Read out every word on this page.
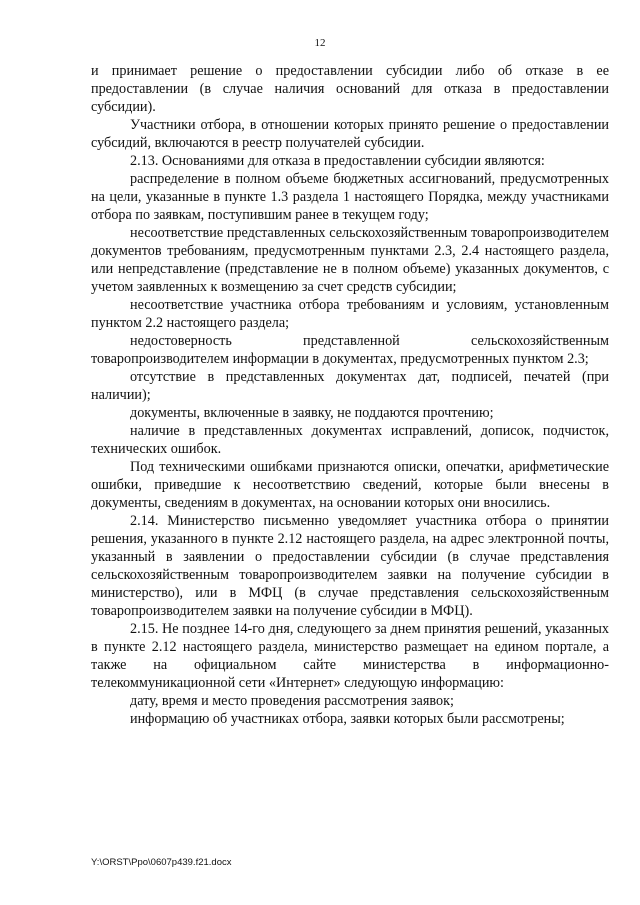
12

и принимает решение о предоставлении субсидии либо об отказе в ее предоставлении (в случае наличия оснований для отказа в предоставлении субсидии).

Участники отбора, в отношении которых принято решение о предоставлении субсидий, включаются в реестр получателей субсидии.

2.13. Основаниями для отказа в предоставлении субсидии являются:

распределение в полном объеме бюджетных ассигнований, предусмотренных на цели, указанные в пункте 1.3 раздела 1 настоящего Порядка, между участниками отбора по заявкам, поступившим ранее в текущем году;

несоответствие представленных сельскохозяйственным товаропроизводителем документов требованиям, предусмотренным пунктами 2.3, 2.4 настоящего раздела, или непредставление (представление не в полном объеме) указанных документов, с учетом заявленных к возмещению за счет средств субсидии;

несоответствие участника отбора требованиям и условиям, установленным пунктом 2.2 настоящего раздела;

недостоверность представленной сельскохозяйственным товаропроизводителем информации в документах, предусмотренных пунктом 2.3;

отсутствие в представленных документах дат, подписей, печатей (при наличии);

документы, включенные в заявку, не поддаются прочтению;

наличие в представленных документах исправлений, дописок, подчисток, технических ошибок.

Под техническими ошибками признаются описки, опечатки, арифметические ошибки, приведшие к несоответствию сведений, которые были внесены в документы, сведениям в документах, на основании которых они вносились.

2.14. Министерство письменно уведомляет участника отбора о принятии решения, указанного в пункте 2.12 настоящего раздела, на адрес электронной почты, указанный в заявлении о предоставлении субсидии (в случае представления сельскохозяйственным товаропроизводителем заявки на получение субсидии в министерство), или в МФЦ (в случае представления сельскохозяйственным товаропроизводителем заявки на получение субсидии в МФЦ).

2.15. Не позднее 14-го дня, следующего за днем принятия решений, указанных в пункте 2.12 настоящего раздела, министерство размещает на едином портале, а также на официальном сайте министерства в информационно-телекоммуникационной сети «Интернет» следующую информацию:

дату, время и место проведения рассмотрения заявок;

информацию об участниках отбора, заявки которых были рассмотрены;

Y:\ORST\Ppo\0607p439.f21.docx
